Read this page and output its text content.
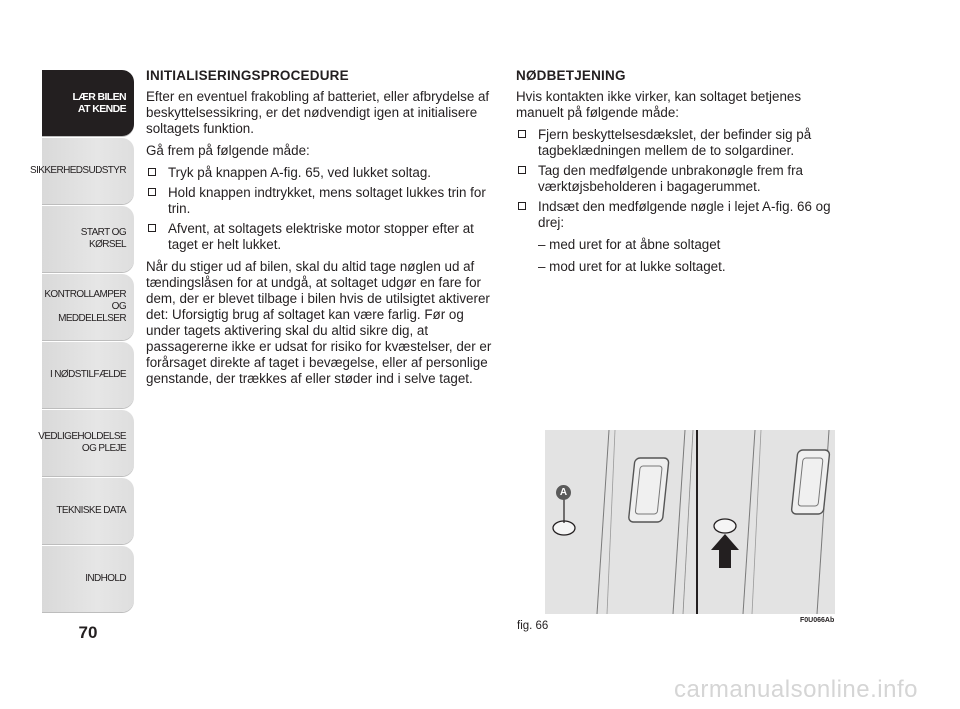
LÆR BILEN
AT KENDE
SIKKERHEDSUDSTYR
START OG KØRSEL
KONTROLLAMPER
OG MEDDELELSER
I NØDSTILFÆLDE
VEDLIGEHOLDELSE
OG PLEJE
TEKNISKE DATA
INDHOLD
70
INITIALISERINGSPROCEDURE

Efter en eventuel frakobling af batteriet, eller afbrydelse af beskyttelsessikring, er det nødvendigt igen at initialisere soltagets funktion.

Gå frem på følgende måde:

Tryk på knappen A-fig. 65, ved lukket soltag.
Hold knappen indtrykket, mens soltaget lukkes trin for trin.
Afvent, at soltagets elektriske motor stopper efter at taget er helt lukket.

Når du stiger ud af bilen, skal du altid tage nøglen ud af tændingslåsen for at undgå, at soltaget udgør en fare for dem, der er blevet tilbage i bilen hvis de utilsigtet aktiverer det: Uforsigtig brug af soltaget kan være farlig. Før og under tagets aktivering skal du altid sikre dig, at passagererne ikke er udsat for risiko for kvæstelser, der er forårsaget direkte af taget i bevægelse, eller af personlige genstande, der trækkes af eller støder ind i selve taget.

NØDBETJENING

Hvis kontakten ikke virker, kan soltaget betjenes manuelt på følgende måde:

Fjern beskyttelsesdækslet, der befinder sig på tagbeklædningen mellem de to solgardiner.
Tag den medfølgende unbrakonøgle frem fra værktøjsbeholderen i bagagerummet.
Indsæt den medfølgende nøgle i lejet A-fig. 66 og drej:
– med uret for at åbne soltaget
– mod uret for at lukke soltaget.
A
fig. 66	F0U066Ab
carmanualsonline.info
